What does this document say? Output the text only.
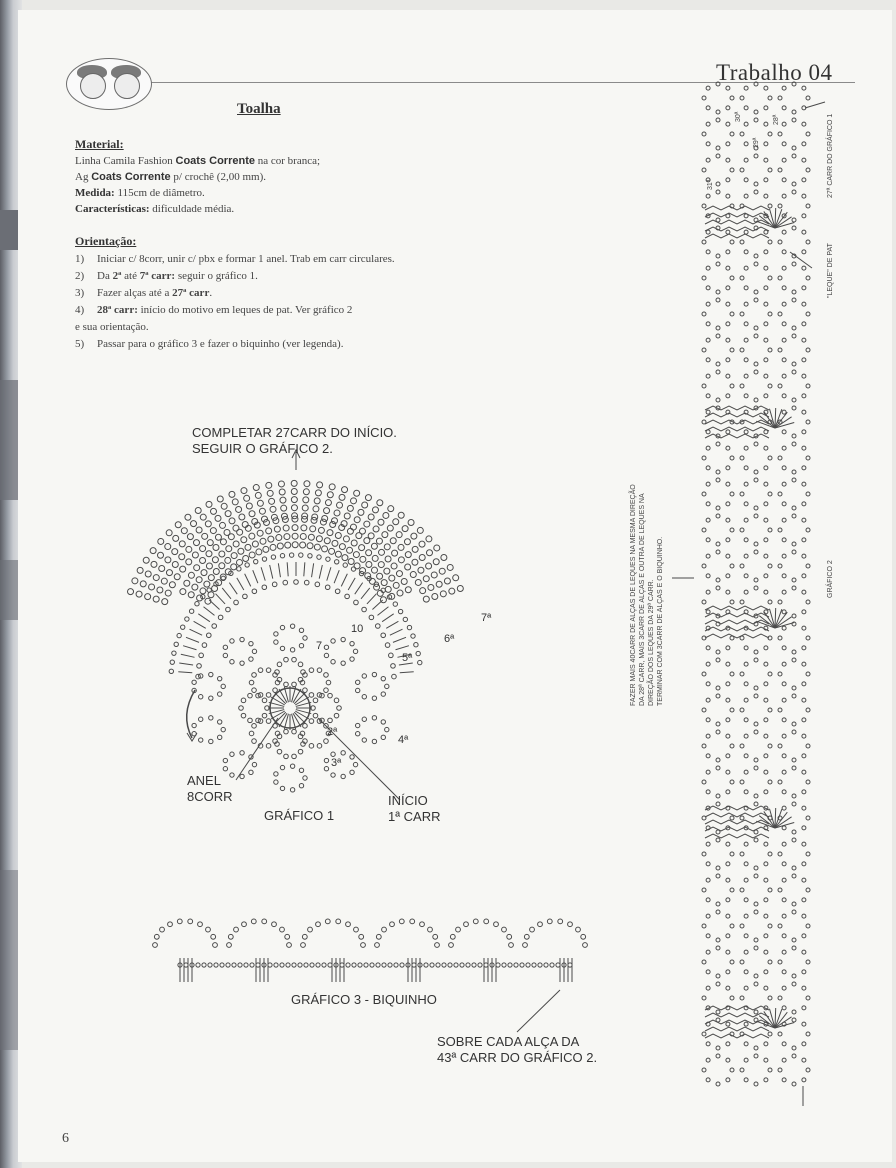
Trabalho 04
Toalha
Material:
Linha Camila Fashion Coats Corrente na cor branca;
Ag Coats Corrente p/ crochê (2,00 mm).
Medida: 115cm de diâmetro.
Características: dificuldade média.
Orientação:
1) Iniciar c/ 8corr, unir c/ pbx e formar 1 anel. Trab em carr circulares.
2) Da 2ª até 7ª carr: seguir o gráfico 1.
3) Fazer alças até a 27ª carr.
4) 28ª carr: início do motivo em leques de pat. Ver gráfico 2
e sua orientação.
5) Passar para o gráfico 3 e fazer o biquinho (ver legenda).
COMPLETAR 27CARR DO INÍCIO.
SEGUIR O GRÁFICO 2.
10
7
7ª
6ª
5ª
4ª
3ª
2ª
ANEL
8CORR
GRÁFICO 1
INÍCIO
1ª CARR
GRÁFICO 3 - BIQUINHO
SOBRE CADA ALÇA DA
43ª CARR DO GRÁFICO 2.
FAZER MAIS 40CARR DE ALÇAS DE LEQUES NA MESMA DIREÇÃO DA 28ª CARR, MAIS 3CARR DE ALÇAS E OUTRA DE LEQUES NA DIREÇÃO DOS LEQUES DA 29ª CARR. TERMINAR COM 3CARR DE ALÇAS E O BIQUINHO.
27ª CARR DO GRÁFICO 1
"LEQUE" DE PAT
GRÁFICO 2
31ª
30ª
29ª
28ª
6
